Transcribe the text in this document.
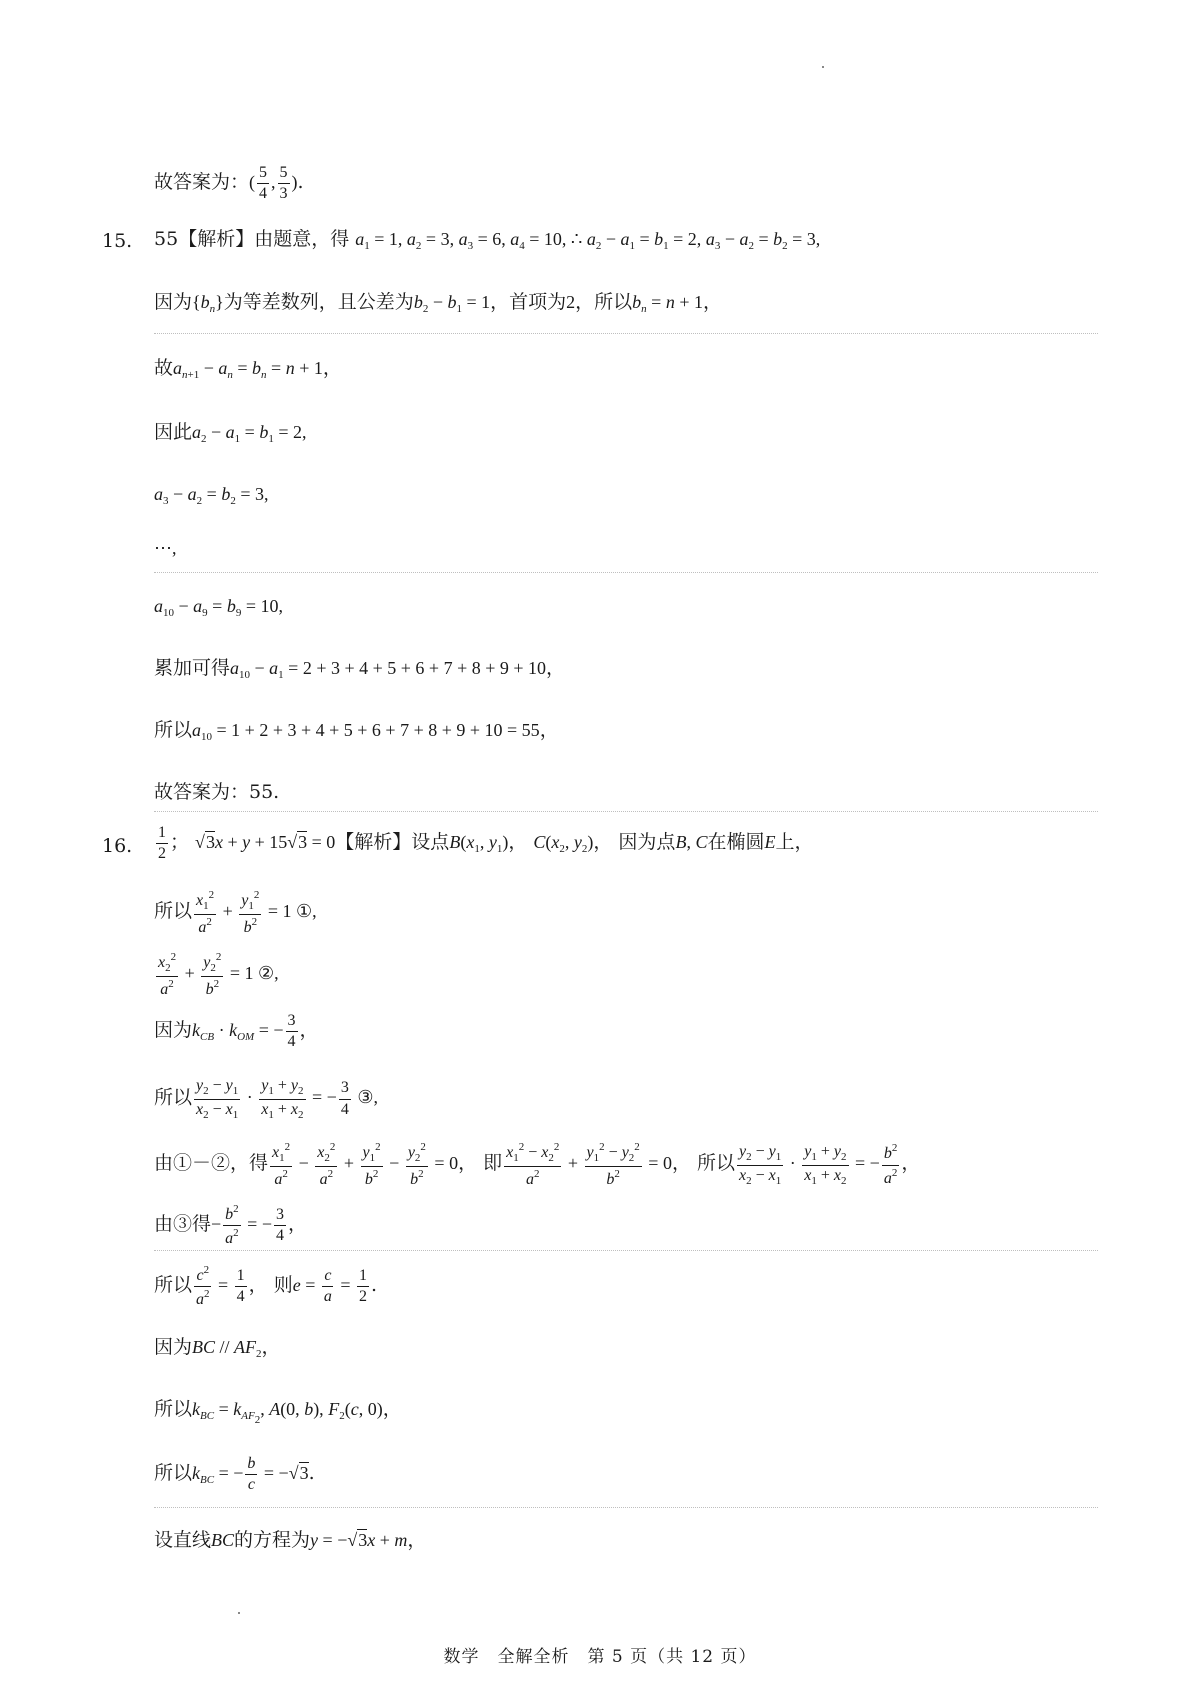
故答案为：( $\frac{5}{4}$ , $\frac{5}{3}$ ).
15. 55【解析】由题意，得 $a_1 = 1$, $a_2 = 3$, $a_3 = 6$, $a_4 = 10$, ∴ $a_2 - a_1 = b_1 = 2$, $a_3 - a_2 = b_2 = 3$,
因为$\{b_n\}$为等差数列，且公差为$b_2 - b_1 = 1$，首项为2，所以$b_n = n + 1$，
故$a_{n+1} - a_n = b_n = n + 1$，
因此$a_2 - a_1 = b_1 = 2$,
$a_3 - a_2 = b_2 = 3$,
⋯,
$a_{10} - a_9 = b_9 = 10$,
累加可得$a_{10} - a_1 = 2 + 3 + 4 + 5 + 6 + 7 + 8 + 9 + 10$，
所以$a_{10} = 1 + 2 + 3 + 4 + 5 + 6 + 7 + 8 + 9 + 10 = 55$，
故答案为：55.
16. $\frac{1}{2}$ ； √3x + y + 15√3 = 0【解析】设点$B(x_1$, $y_1$)， $C(x_2$, $y_2$)， 因为点B, C在椭圆E上，
所以 $\frac{x_1^2}{a^2} + \frac{y_1^2}{b^2} = 1$ ①,
$\frac{x_2^2}{a^2} + \frac{y_2^2}{b^2} = 1$ ②,
因为$k_{CB} \cdot k_{OM}$ = − $\frac{3}{4}$ ，
所以 $\frac{y_2 - y_1}{x_2 - x_1} \cdot \frac{y_1 + y_2}{x_1 + x_2}$ = − $\frac{3}{4}$ ③,
由①－②，得 $\frac{x_1^2}{a^2} - \frac{x_2^2}{a^2} + \frac{y_1^2}{b^2} - \frac{y_2^2}{b^2} = 0$， 即 $\frac{x_1^2 - x_2^2}{a^2} + \frac{y_1^2 - y_2^2}{b^2} = 0$， 所以 $\frac{y_2 - y_1}{x_2 - x_1} \cdot \frac{y_1 + y_2}{x_1 + x_2}$ = − $\frac{b^2}{a^2}$ ，
由③得− $\frac{b^2}{a^2}$ = − $\frac{3}{4}$ ，
所以 $\frac{c^2}{a^2} = \frac{1}{4}$ ， 则$e = \frac{c}{a} = \frac{1}{2}$ .
因为BC // $AF_2$，
所以$k_{BC} = k_{AF_2}$, A(0, b), $F_2(c$, 0)，
所以$k_{BC}$ = − $\frac{b}{c} = -√3$.
设直线BC的方程为y = −√3x + m，
数学　全解全析　第 5 页（共 12 页）
